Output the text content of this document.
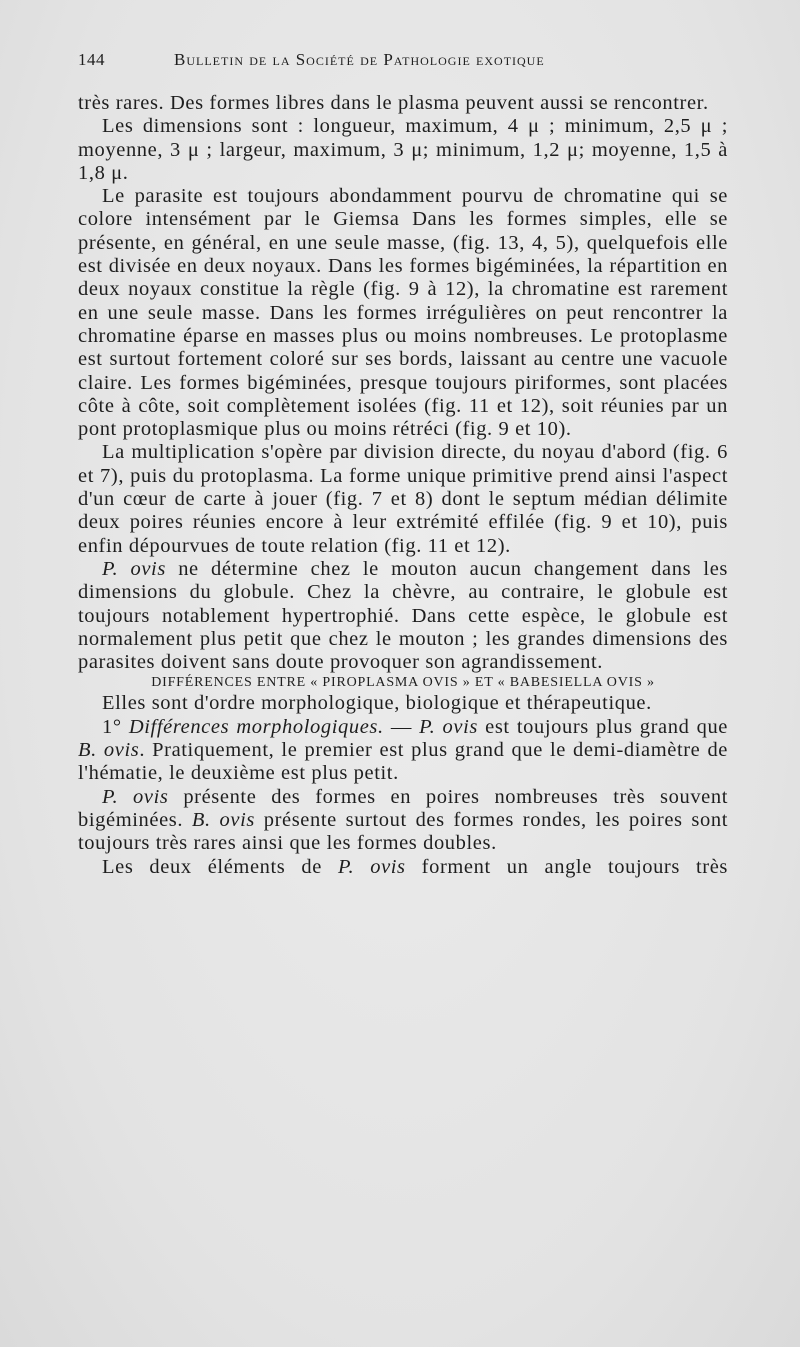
144	Bulletin de la Société de Pathologie exotique

très rares. Des formes libres dans le plasma peuvent aussi se rencontrer.

Les dimensions sont : longueur, maximum, 4 μ ; minimum, 2,5 μ ; moyenne, 3 μ ; largeur, maximum, 3 μ; minimum, 1,2 μ; moyenne, 1,5 à 1,8 μ.

Le parasite est toujours abondamment pourvu de chromatine qui se colore intensément par le Giemsa Dans les formes simples, elle se présente, en général, en une seule masse, (fig. 13, 4, 5), quelquefois elle est divisée en deux noyaux. Dans les formes bigéminées, la répartition en deux noyaux constitue la règle (fig. 9 à 12), la chromatine est rarement en une seule masse. Dans les formes irrégulières on peut rencontrer la chromatine éparse en masses plus ou moins nombreuses. Le protoplasme est surtout fortement coloré sur ses bords, laissant au centre une vacuole claire. Les formes bigéminées, presque toujours piriformes, sont placées côte à côte, soit complètement isolées (fig. 11 et 12), soit réunies par un pont protoplasmique plus ou moins rétréci (fig. 9 et 10).

La multiplication s'opère par division directe, du noyau d'abord (fig. 6 et 7), puis du protoplasma. La forme unique primitive prend ainsi l'aspect d'un cœur de carte à jouer (fig. 7 et 8) dont le septum médian délimite deux poires réunies encore à leur extrémité effilée (fig. 9 et 10), puis enfin dépourvues de toute relation (fig. 11 et 12).

P. ovis ne détermine chez le mouton aucun changement dans les dimensions du globule. Chez la chèvre, au contraire, le globule est toujours notablement hypertrophié. Dans cette espèce, le globule est normalement plus petit que chez le mouton ; les grandes dimensions des parasites doivent sans doute provoquer son agrandissement.

DIFFÉRENCES ENTRE « PIROPLASMA OVIS » ET « BABESIELLA OVIS »

Elles sont d'ordre morphologique, biologique et thérapeutique.

1° Différences morphologiques. — P. ovis est toujours plus grand que B. ovis. Pratiquement, le premier est plus grand que le demi-diamètre de l'hématie, le deuxième est plus petit.

P. ovis présente des formes en poires nombreuses très souvent bigéminées. B. ovis présente surtout des formes rondes, les poires sont toujours très rares ainsi que les formes doubles.

Les deux éléments de P. ovis forment un angle toujours très
